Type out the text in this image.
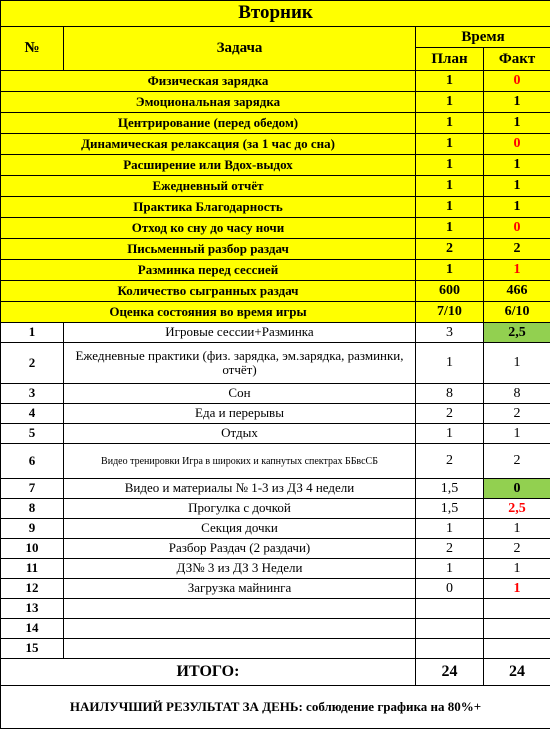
Вторник			
№	Задача	Время	
		План	Факт
Физическая зарядка		1	0
Эмоциональная зарядка		1	1
Центрирование (перед обедом)		1	1
Динамическая релаксация (за 1 час до сна)		1	0
Расширение или Вдох-выдох		1	1
Ежедневный отчёт		1	1
Практика Благодарность		1	1
Отход ко сну до часу ночи		1	0
Письменный разбор раздач		2	2
Разминка перед сессией		1	1
Количество сыгранных раздач		600	466
Оценка состояния во время игры		7/10	6/10
1	Игровые сессии+Разминка	3	2,5
2	Ежедневные практики (физ. зарядка, эм.зарядка, разминки, отчёт)	1	1
3	Сон	8	8
4	Еда и перерывы	2	2
5	Отдых	1	1
6	Видео тренировки Игра в широких и капнутых спектрах ББвсСБ	2	2
7	Видео и материалы № 1-3 из ДЗ 4 недели	1,5	0
8	Прогулка с дочкой	1,5	2,5
9	Секция дочки	1	1
10	Разбор Раздач (2 раздачи)	2	2
11	ДЗ№ 3 из ДЗ 3 Недели	1	1
12	Загрузка майнинга	0	1
13			
14			
15			
ИТОГО:		24	24
НАИЛУЧШИЙ РЕЗУЛЬТАТ ЗА ДЕНЬ: соблюдение графика на 80%+			
